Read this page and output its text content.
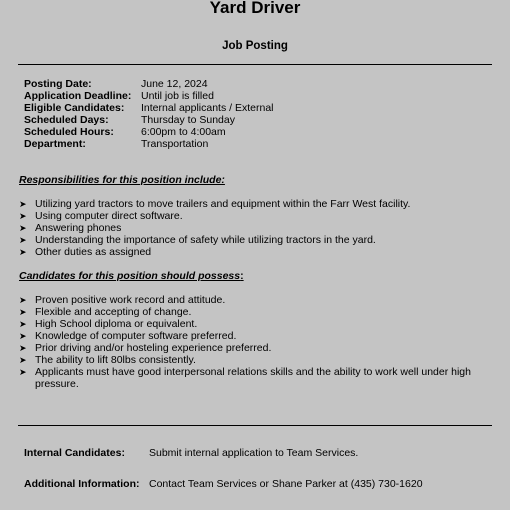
Yard Driver
Job Posting
Posting Date:	June 12, 2024
Application Deadline: Until job is filled
Eligible Candidates:	Internal applicants / External
Scheduled Days:	Thursday to Sunday
Scheduled Hours:	6:00pm to 4:00am
Department:	Transportation
Responsibilities for this position include:
➤ Utilizing yard tractors to move trailers and equipment within the Farr West facility.
➤ Using computer direct software.
➤ Answering phones
➤ Understanding the importance of safety while utilizing tractors in the yard.
➤ Other duties as assigned
Candidates for this position should possess:
➤ Proven positive work record and attitude.
➤ Flexible and accepting of change.
➤ High School diploma or equivalent.
➤ Knowledge of computer software preferred.
➤ Prior driving and/or hosteling experience preferred.
➤ The ability to lift 80lbs consistently.
➤ Applicants must have good interpersonal relations skills and the ability to work well under high pressure.
Internal Candidates:	Submit internal application to Team Services.
Additional Information: Contact Team Services or Shane Parker at (435) 730-1620
